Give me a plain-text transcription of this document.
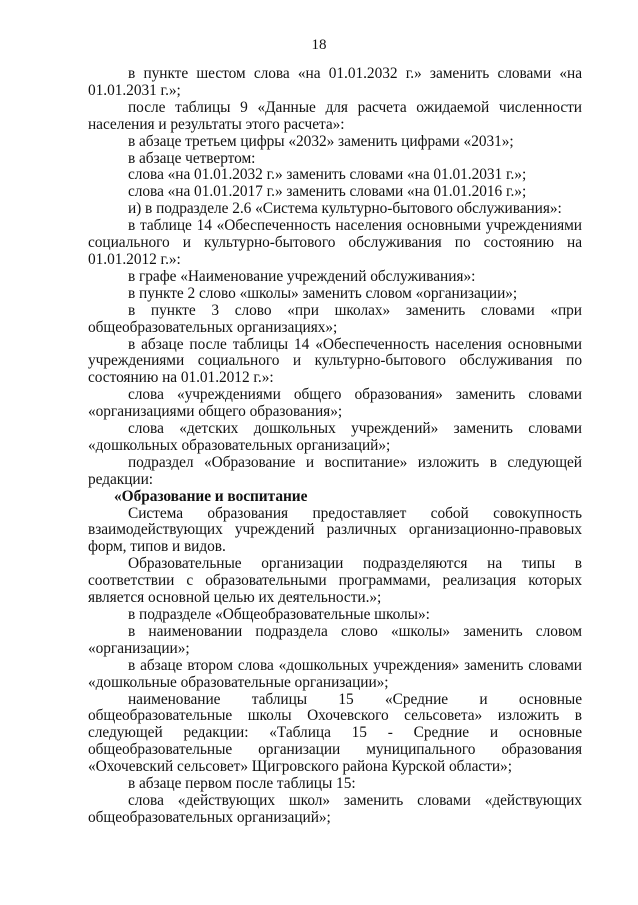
18

в пункте шестом слова «на 01.01.2032 г.» заменить словами «на 01.01.2031 г.»;

после таблицы 9 «Данные для расчета ожидаемой численности населения и результаты этого расчета»:

в абзаце третьем цифры «2032» заменить цифрами «2031»;

в абзаце четвертом:

слова «на 01.01.2032 г.» заменить словами «на 01.01.2031 г.»;

слова «на 01.01.2017 г.» заменить словами «на 01.01.2016 г.»;

и) в подразделе 2.6 «Система культурно-бытового обслуживания»:

в таблице 14 «Обеспеченность населения основными учреждениями социального и культурно-бытового обслуживания по состоянию на 01.01.2012 г.»:

в графе «Наименование учреждений обслуживания»:

в пункте 2 слово «школы» заменить словом «организации»;

в пункте 3 слово «при школах» заменить словами «при общеобразовательных организациях»;

в абзаце после таблицы 14 «Обеспеченность населения основными учреждениями социального и культурно-бытового обслуживания по состоянию на 01.01.2012 г.»:

слова «учреждениями общего образования» заменить словами «организациями общего образования»;

слова «детских дошкольных учреждений» заменить словами «дошкольных образовательных организаций»;

подраздел «Образование и воспитание» изложить в следующей редакции:

«Образование и воспитание

Система образования предоставляет собой совокупность взаимодействующих учреждений различных организационно-правовых форм, типов и видов.

Образовательные организации подразделяются на типы в соответствии с образовательными программами, реализация которых является основной целью их деятельности.»;

в подразделе «Общеобразовательные школы»:

в наименовании подраздела слово «школы» заменить словом «организации»;

в абзаце втором слова «дошкольных учреждения» заменить словами «дошкольные образовательные организации»;

наименование таблицы 15 «Средние и основные общеобразовательные школы Охочевского сельсовета» изложить в следующей редакции: «Таблица 15 - Средние и основные общеобразовательные организации муниципального образования «Охочевский сельсовет» Щигровского района Курской области»;

в абзаце первом после таблицы 15:

слова «действующих школ» заменить словами «действующих общеобразовательных организаций»;
